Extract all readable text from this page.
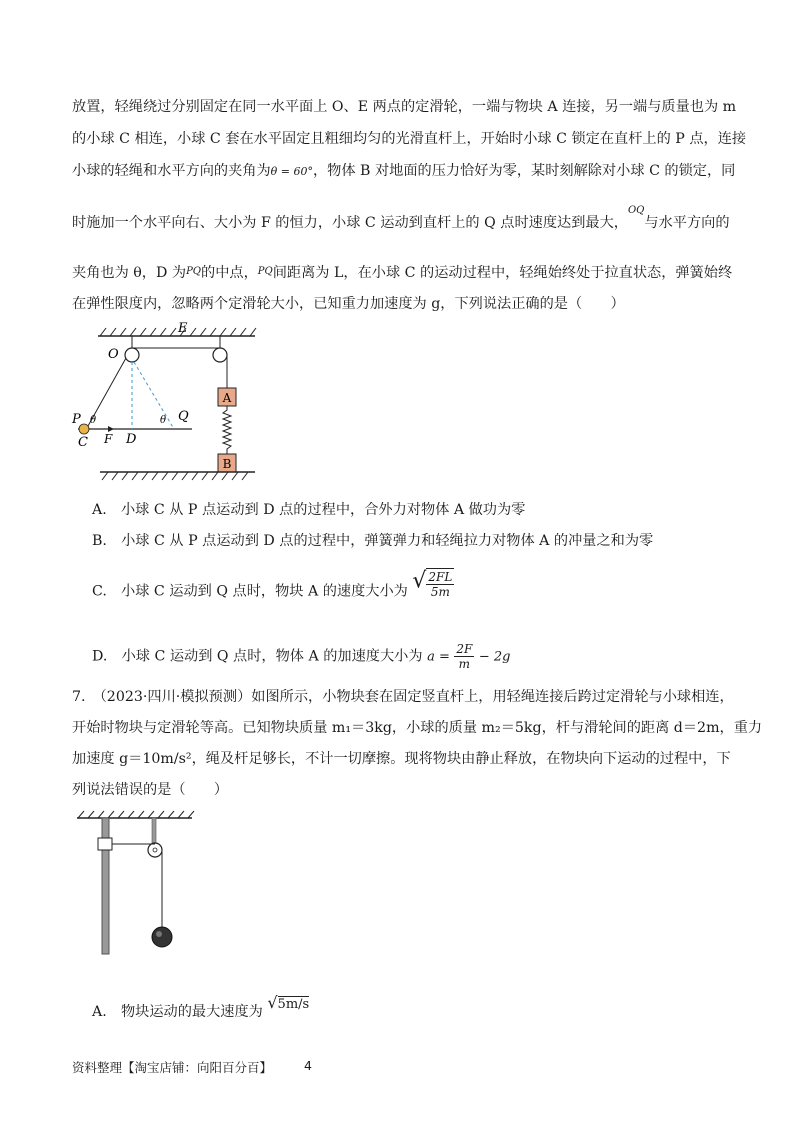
放置，轻绳绕过分别固定在同一水平面上 O、E 两点的定滑轮，一端与物块 A 连接，另一端与质量也为 m
的小球 C 相连，小球 C 套在水平固定且粗细均匀的光滑直杆上，开始时小球 C 锁定在直杆上的 P 点，连接
小球的轻绳和水平方向的夹角为θ = 60°，物体 B 对地面的压力恰好为零，某时刻解除对小球 C 的锁定，同
时施加一个水平向右、大小为 F 的恒力，小球 C 运动到直杆上的 Q 点时速度达到最大，$^{OQ}$与水平方向的
夹角也为 θ，D 为$^{PQ}$的中点，$^{PQ}$间距离为 L，在小球 C 的运动过程中，轻绳始终处于拉直状态，弹簧始终
在弹性限度内，忽略两个定滑轮大小，已知重力加速度为 g，下列说法正确的是（　　）
A
B
E
O
P θ	θ Q
C F D
A.　小球 C 从 P 点运动到 D 点的过程中，合外力对物体 A 做功为零
B.　小球 C 从 P 点运动到 D 点的过程中，弹簧弹力和轻绳拉力对物体 A 的冲量之和为零
C.　小球 C 运动到 Q 点时，物块 A 的速度大小为 √ $\frac{2FL}{5m}$
D.　小球 C 运动到 Q 点时，物体 A 的加速度大小为 $a = \frac{2F}{m} - 2g$
7.　（2023·四川·模拟预测）如图所示，小物块套在固定竖直杆上，用轻绳连接后跨过定滑轮与小球相连，
开始时物块与定滑轮等高。已知物块质量 m₁＝3kg，小球的质量 m₂＝5kg，杆与滑轮间的距离 d＝2m，重力
加速度 g＝10m/s²，绳及杆足够长，不计一切摩擦。现将物块由静止释放，在物块向下运动的过程中，下
列说法错误的是（　　）
A.　物块运动的最大速度为 √5m/s
资料整理【淘宝店铺：向阳百分百】	4
